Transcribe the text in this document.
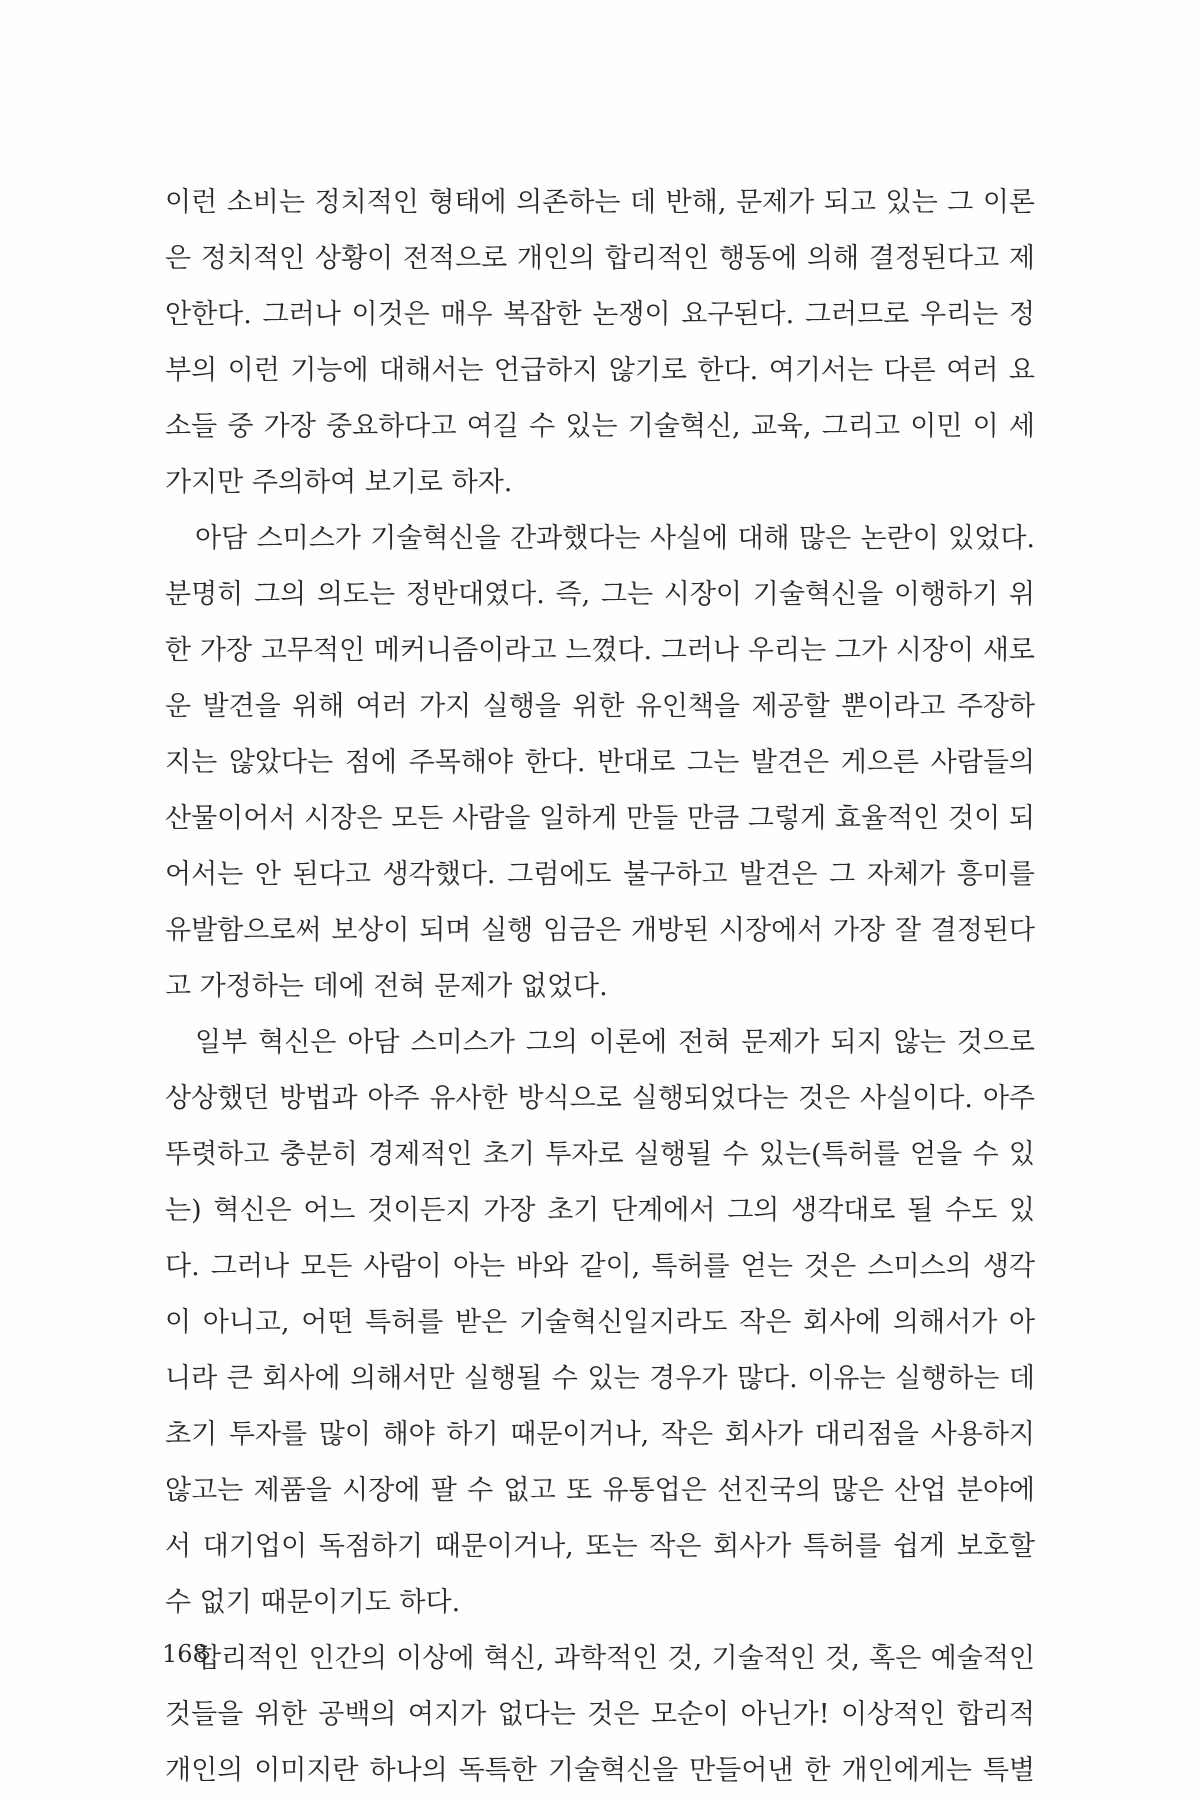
이런 소비는 정치적인 형태에 의존하는 데 반해, 문제가 되고 있는 그 이론
은 정치적인 상황이 전적으로 개인의 합리적인 행동에 의해 결정된다고 제
안한다. 그러나 이것은 매우 복잡한 논쟁이 요구된다. 그러므로 우리는 정
부의 이런 기능에 대해서는 언급하지 않기로 한다. 여기서는 다른 여러 요
소들 중 가장 중요하다고 여길 수 있는 기술혁신, 교육, 그리고 이민 이 세
가지만 주의하여 보기로 하자.
아담 스미스가 기술혁신을 간과했다는 사실에 대해 많은 논란이 있었다.
분명히 그의 의도는 정반대였다. 즉, 그는 시장이 기술혁신을 이행하기 위
한 가장 고무적인 메커니즘이라고 느꼈다. 그러나 우리는 그가 시장이 새로
운 발견을 위해 여러 가지 실행을 위한 유인책을 제공할 뿐이라고 주장하
지는 않았다는 점에 주목해야 한다. 반대로 그는 발견은 게으른 사람들의
산물이어서 시장은 모든 사람을 일하게 만들 만큼 그렇게 효율적인 것이 되
어서는 안 된다고 생각했다. 그럼에도 불구하고 발견은 그 자체가 흥미를
유발함으로써 보상이 되며 실행 임금은 개방된 시장에서 가장 잘 결정된다
고 가정하는 데에 전혀 문제가 없었다.
일부 혁신은 아담 스미스가 그의 이론에 전혀 문제가 되지 않는 것으로
상상했던 방법과 아주 유사한 방식으로 실행되었다는 것은 사실이다. 아주
뚜렷하고 충분히 경제적인 초기 투자로 실행될 수 있는(특허를 얻을 수 있
는) 혁신은 어느 것이든지 가장 초기 단계에서 그의 생각대로 될 수도 있
다. 그러나 모든 사람이 아는 바와 같이, 특허를 얻는 것은 스미스의 생각
이 아니고, 어떤 특허를 받은 기술혁신일지라도 작은 회사에 의해서가 아
니라 큰 회사에 의해서만 실행될 수 있는 경우가 많다. 이유는 실행하는 데
초기 투자를 많이 해야 하기 때문이거나, 작은 회사가 대리점을 사용하지
않고는 제품을 시장에 팔 수 없고 또 유통업은 선진국의 많은 산업 분야에
서 대기업이 독점하기 때문이거나, 또는 작은 회사가 특허를 쉽게 보호할
수 없기 때문이기도 하다.
합리적인 인간의 이상에 혁신, 과학적인 것, 기술적인 것, 혹은 예술적인
것들을 위한 공백의 여지가 없다는 것은 모순이 아닌가! 이상적인 합리적
개인의 이미지란 하나의 독특한 기술혁신을 만들어낸 한 개인에게는 특별
168
